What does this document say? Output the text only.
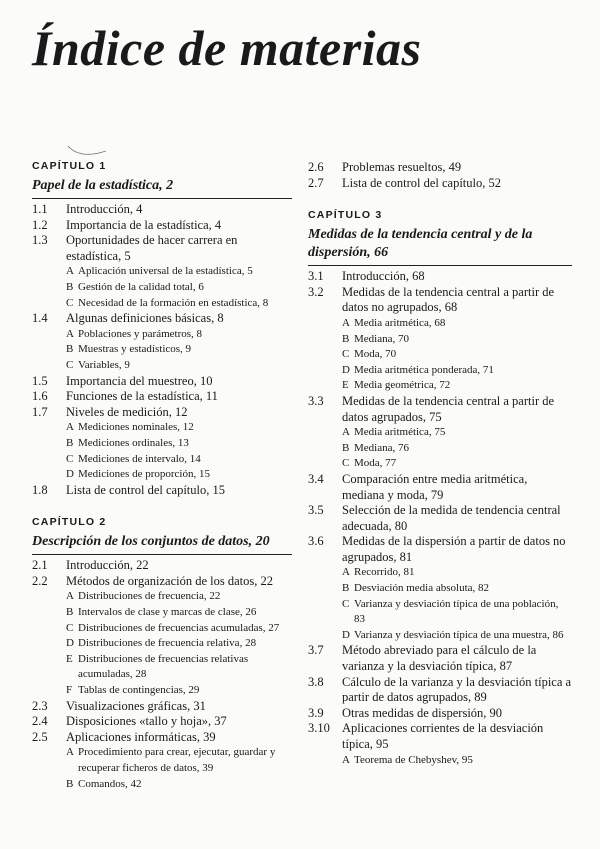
Índice de materias
CAPÍTULO 1
Papel de la estadística, 2
1.1	Introducción, 4
1.2	Importancia de la estadística, 4
1.3	Oportunidades de hacer carrera en estadística, 5
A Aplicación universal de la estadística, 5
B Gestión de la calidad total, 6
C Necesidad de la formación en estadística, 8
1.4	Algunas definiciones básicas, 8
A Poblaciones y parámetros, 8
B Muestras y estadísticos, 9
C Variables, 9
1.5	Importancia del muestreo, 10
1.6	Funciones de la estadística, 11
1.7	Niveles de medición, 12
A Mediciones nominales, 12
B Mediciones ordinales, 13
C Mediciones de intervalo, 14
D Mediciones de proporción, 15
1.8	Lista de control del capítulo, 15
CAPÍTULO 2
Descripción de los conjuntos de datos, 20
2.1	Introducción, 22
2.2	Métodos de organización de los datos, 22
A Distribuciones de frecuencia, 22
B Intervalos de clase y marcas de clase, 26
C Distribuciones de frecuencias acumuladas, 27
D Distribuciones de frecuencia relativa, 28
E Distribuciones de frecuencias relativas acumuladas, 28
F Tablas de contingencias, 29
2.3	Visualizaciones gráficas, 31
2.4	Disposiciones «tallo y hoja», 37
2.5	Aplicaciones informáticas, 39
A Procedimiento para crear, ejecutar, guardar y recuperar ficheros de datos, 39
B Comandos, 42
2.6	Problemas resueltos, 49
2.7	Lista de control del capítulo, 52
CAPÍTULO 3
Medidas de la tendencia central y de la dispersión, 66
3.1	Introducción, 68
3.2	Medidas de la tendencia central a partir de datos no agrupados, 68
A Media aritmética, 68
B Mediana, 70
C Moda, 70
D Media aritmética ponderada, 71
E Media geométrica, 72
3.3	Medidas de la tendencia central a partir de datos agrupados, 75
A Media aritmética, 75
B Mediana, 76
C Moda, 77
3.4	Comparación entre media aritmética, mediana y moda, 79
3.5	Selección de la medida de tendencia central adecuada, 80
3.6	Medidas de la dispersión a partir de datos no agrupados, 81
A Recorrido, 81
B Desviación media absoluta, 82
C Varianza y desviación típica de una población, 83
D Varianza y desviación típica de una muestra, 86
3.7	Método abreviado para el cálculo de la varianza y la desviación típica, 87
3.8	Cálculo de la varianza y la desviación típica a partir de datos agrupados, 89
3.9	Otras medidas de dispersión, 90
3.10 Aplicaciones corrientes de la desviación típica, 95
A Teorema de Chebyshev, 95
